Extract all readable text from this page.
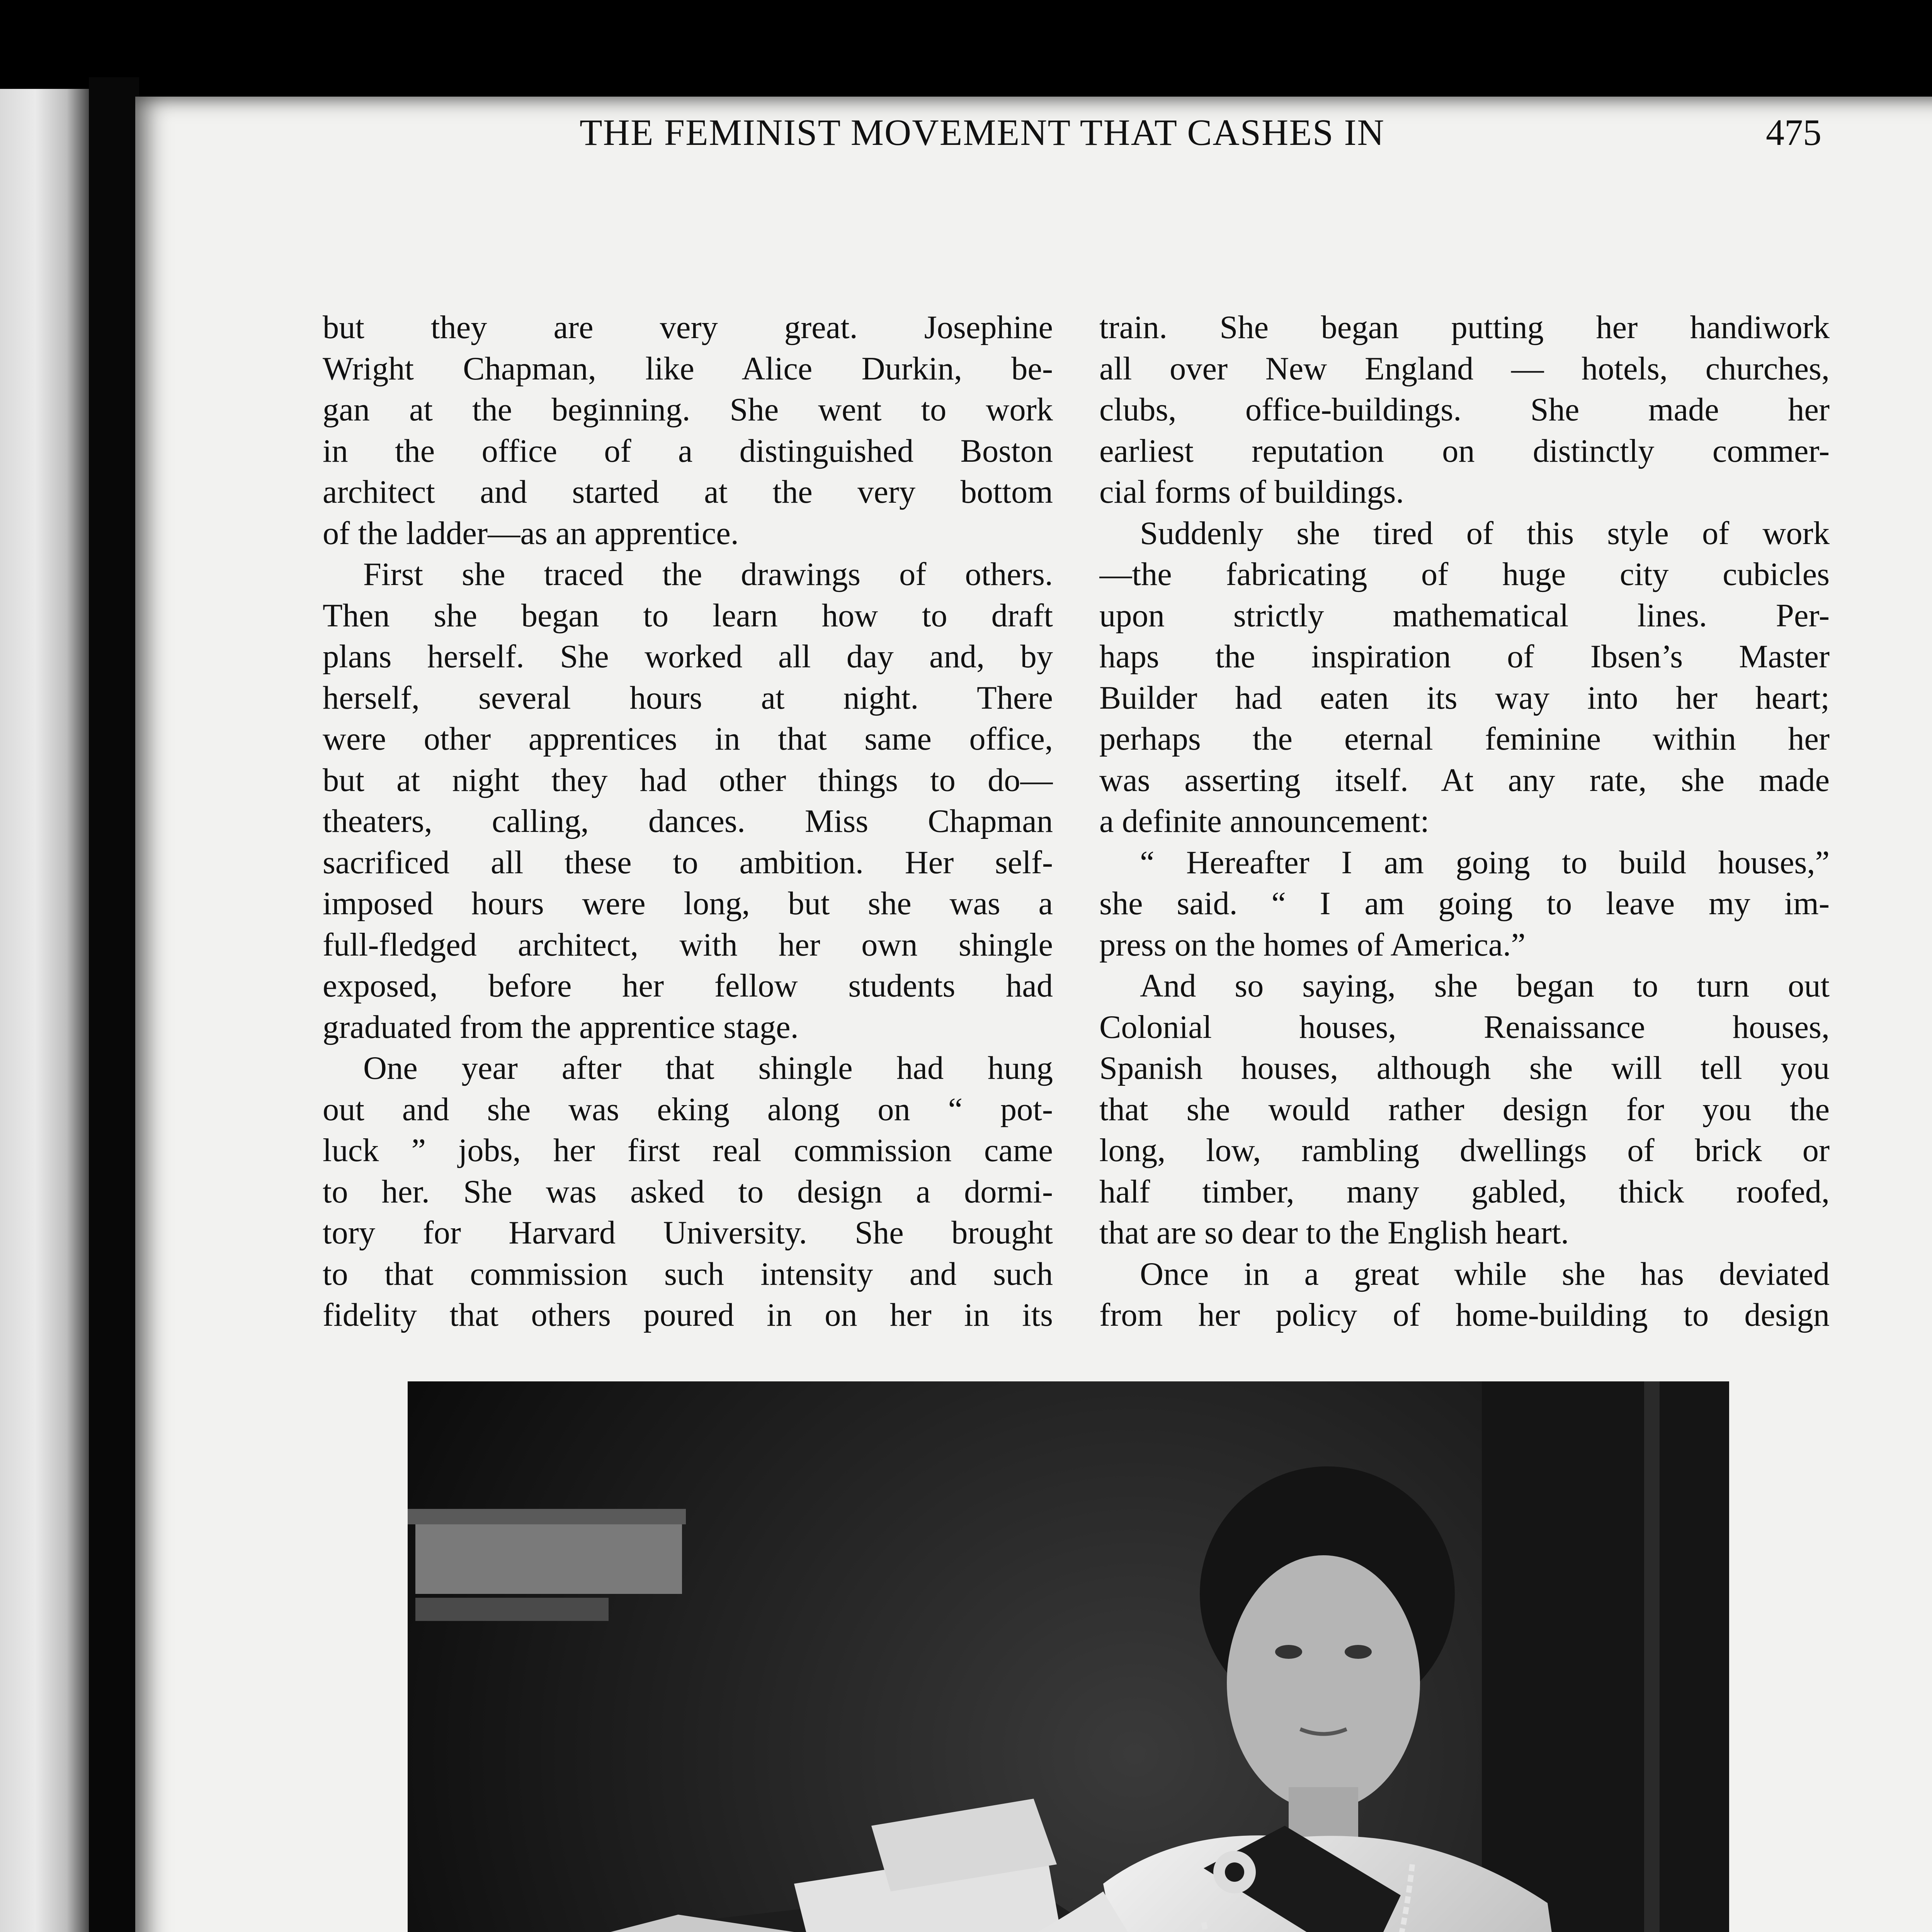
THE FEMINIST MOVEMENT THAT CASHES IN	475
but they are very great. Josephine
Wright Chapman, like Alice Durkin, be-
gan at the beginning. She went to work
in the office of a distinguished Boston
architect and started at the very bottom
of the ladder—as an apprentice.
First she traced the drawings of others.
Then she began to learn how to draft
plans herself. She worked all day and, by
herself, several hours at night. There
were other apprentices in that same office,
but at night they had other things to do—
theaters, calling, dances. Miss Chapman
sacrificed all these to ambition. Her self-
imposed hours were long, but she was a
full-fledged architect, with her own shingle
exposed, before her fellow students had
graduated from the apprentice stage.
One year after that shingle had hung
out and she was eking along on “ pot-
luck ” jobs, her first real commission came
to her. She was asked to design a dormi-
tory for Harvard University. She brought
to that commission such intensity and such
fidelity that others poured in on her in its
train. She began putting her handiwork
all over New England — hotels, churches,
clubs, office-buildings. She made her
earliest reputation on distinctly commer-
cial forms of buildings.
Suddenly she tired of this style of work
—the fabricating of huge city cubicles
upon strictly mathematical lines. Per-
haps the inspiration of Ibsen’s Master
Builder had eaten its way into her heart;
perhaps the eternal feminine within her
was asserting itself. At any rate, she made
a definite announcement:
“ Hereafter I am going to build houses,”
she said. “ I am going to leave my im-
press on the homes of America.”
And so saying, she began to turn out
Colonial houses, Renaissance houses,
Spanish houses, although she will tell you
that she would rather design for you the
long, low, rambling dwellings of brick or
half timber, many gabled, thick roofed,
that are so dear to the English heart.
Once in a great while she has deviated
from her policy of home-building to design
